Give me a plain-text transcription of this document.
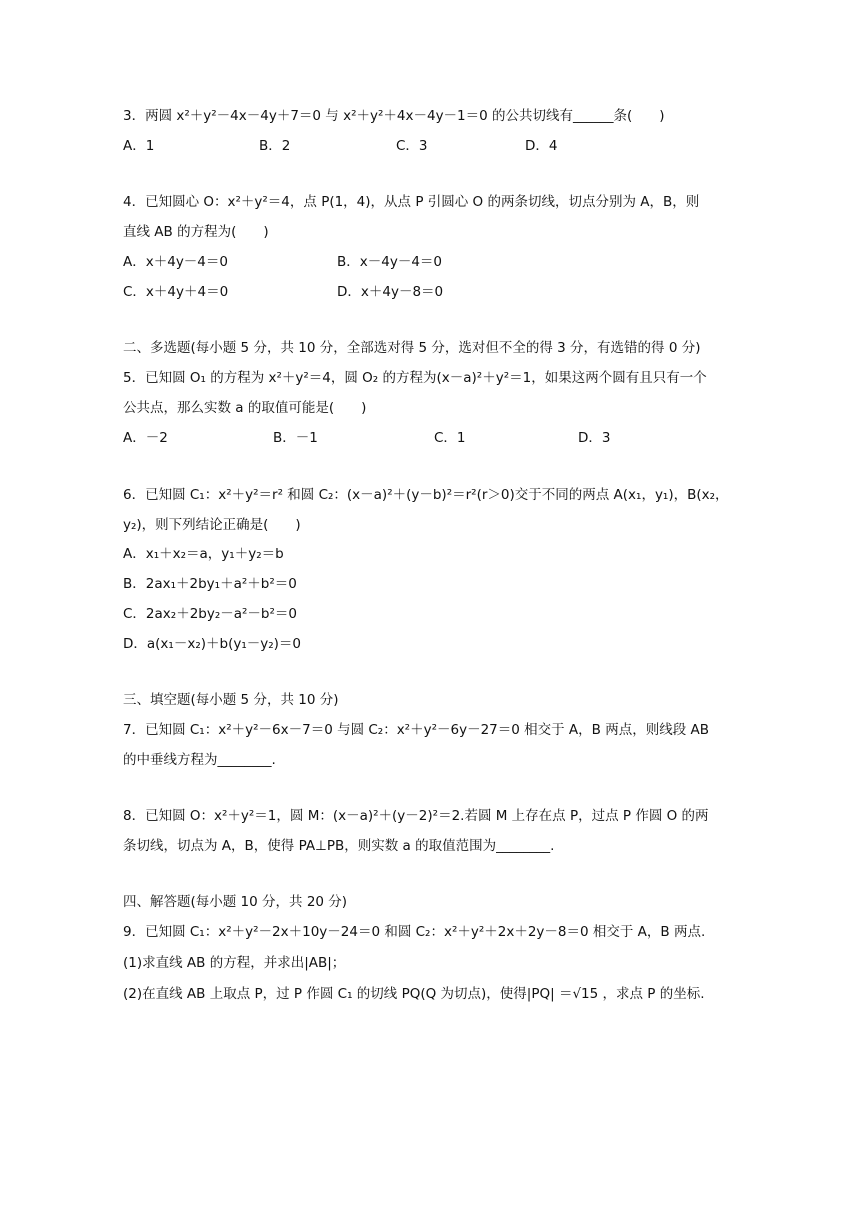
3．两圆 x²＋y²－4x－4y＋7＝0 与 x²＋y²＋4x－4y－1＝0 的公共切线有______条(　　)
A．1	B．2	C．3	D．4
4．已知圆心 O：x²＋y²＝4，点 P(1，4)，从点 P 引圆心 O 的两条切线，切点分别为 A，B，则
直线 AB 的方程为(　　)
A．x＋4y－4＝0	B．x－4y－4＝0
C．x＋4y＋4＝0	D．x＋4y－8＝0
二、多选题(每小题 5 分，共 10 分，全部选对得 5 分，选对但不全的得 3 分，有选错的得 0 分)
5．已知圆 O₁ 的方程为 x²＋y²＝4，圆 O₂ 的方程为(x－a)²＋y²＝1，如果这两个圆有且只有一个
公共点，那么实数 a 的取值可能是(　　)
A．－2	B．－1	C．1	D．3
6．已知圆 C₁：x²＋y²＝r² 和圆 C₂：(x－a)²＋(y－b)²＝r²(r＞0)交于不同的两点 A(x₁，y₁)，B(x₂，
y₂)，则下列结论正确是(　　)
A．x₁＋x₂＝a，y₁＋y₂＝b
B．2ax₁＋2by₁＋a²＋b²＝0
C．2ax₂＋2by₂－a²－b²＝0
D．a(x₁－x₂)＋b(y₁－y₂)＝0
三、填空题(每小题 5 分，共 10 分)
7．已知圆 C₁：x²＋y²－6x－7＝0 与圆 C₂：x²＋y²－6y－27＝0 相交于 A，B 两点，则线段 AB
的中垂线方程为________.
8．已知圆 O：x²＋y²＝1，圆 M：(x－a)²＋(y－2)²＝2.若圆 M 上存在点 P，过点 P 作圆 O 的两
条切线，切点为 A，B，使得 PA⊥PB，则实数 a 的取值范围为________.
四、解答题(每小题 10 分，共 20 分)
9．已知圆 C₁：x²＋y²－2x＋10y－24＝0 和圆 C₂：x²＋y²＋2x＋2y－8＝0 相交于 A，B 两点.
(1)求直线 AB 的方程，并求出|AB|；
(2)在直线 AB 上取点 P，过 P 作圆 C₁ 的切线 PQ(Q 为切点)，使得|PQ| ＝√15 ，求点 P 的坐标.
